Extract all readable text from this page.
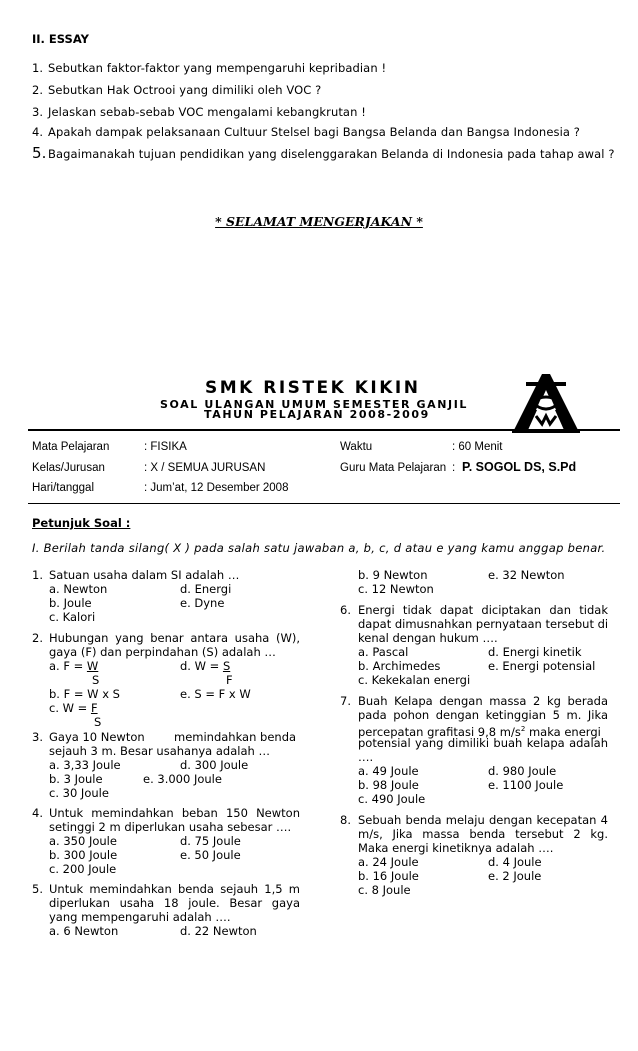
II. ESSAY
1. Sebutkan faktor-faktor yang mempengaruhi kepribadian !
2. Sebutkan Hak Octrooi yang dimiliki oleh VOC ?
3. Jelaskan sebab-sebab VOC mengalami kebangkrutan !
4. Apakah dampak pelaksanaan Cultuur Stelsel bagi Bangsa Belanda dan Bangsa Indonesia ?
5.Bagaimanakah tujuan pendidikan yang diselenggarakan Belanda di Indonesia pada tahap awal ?
* SELAMAT MENGERJAKAN *
SMK RISTEK KIKIN
SOAL ULANGAN UMUM SEMESTER GANJIL
TAHUN PELAJARAN 2008-2009
Mata Pelajaran	: FISIKA	Waktu	: 60 Menit
Kelas/Jurusan	: X / SEMUA JURUSAN	Guru Mata Pelajaran : P. SOGOL DS, S.Pd
Hari/tanggal	: Jum’at, 12 Desember 2008
Petunjuk Soal :
I. Berilah tanda silang( X ) pada salah satu jawaban a, b, c, d atau e yang kamu anggap benar.
1. Satuan usaha dalam SI adalah …
a. Newton	d. Energi
b. Joule	e. Dyne
c. Kalori
2. Hubungan yang benar antara usaha (W),
gaya (F) dan perpindahan (S) adalah …
a. F = W
S
d. W = S
F
b. F = W x S	e. S = F x W
c. W = F
S
3. Gaya 10 Newton	memindahkan benda
sejauh 3 m. Besar usahanya adalah …
a. 3,33 Joule	d. 300 Joule
b. 3 Joule	e. 3.000 Joule
c. 30 Joule
4. Untuk memindahkan beban 150 Newton
setinggi 2 m diperlukan usaha sebesar ….
a. 350 Joule	d. 75 Joule
b. 300 Joule	e. 50 Joule
c. 200 Joule
5. Untuk memindahkan benda sejauh 1,5 m
diperlukan usaha 18 joule. Besar gaya
yang mempengaruhi adalah ….
a. 6 Newton	d. 22 Newton
b. 9 Newton	e. 32 Newton
c. 12 Newton
6. Energi tidak dapat diciptakan dan tidak
dapat dimusnahkan pernyataan tersebut di
kenal dengan hukum ….
a. Pascal	d. Energi kinetik
b. Archimedes	e. Energi potensial
c. Kekekalan energi
7. Buah Kelapa dengan massa 2 kg berada
pada pohon dengan ketinggian 5 m. Jika
percepatan grafitasi 9,8 $m/s^2$ maka energi
potensial yang dimiliki buah kelapa adalah
….
a. 49 Joule	d. 980 Joule
b. 98 Joule	e. 1100 Joule
c. 490 Joule
8. Sebuah benda melaju dengan kecepatan 4
m/s, Jika massa benda tersebut 2 kg.
Maka energi kinetiknya adalah ….
a. 24 Joule	d. 4 Joule
b. 16 Joule	e. 2 Joule
c. 8 Joule
